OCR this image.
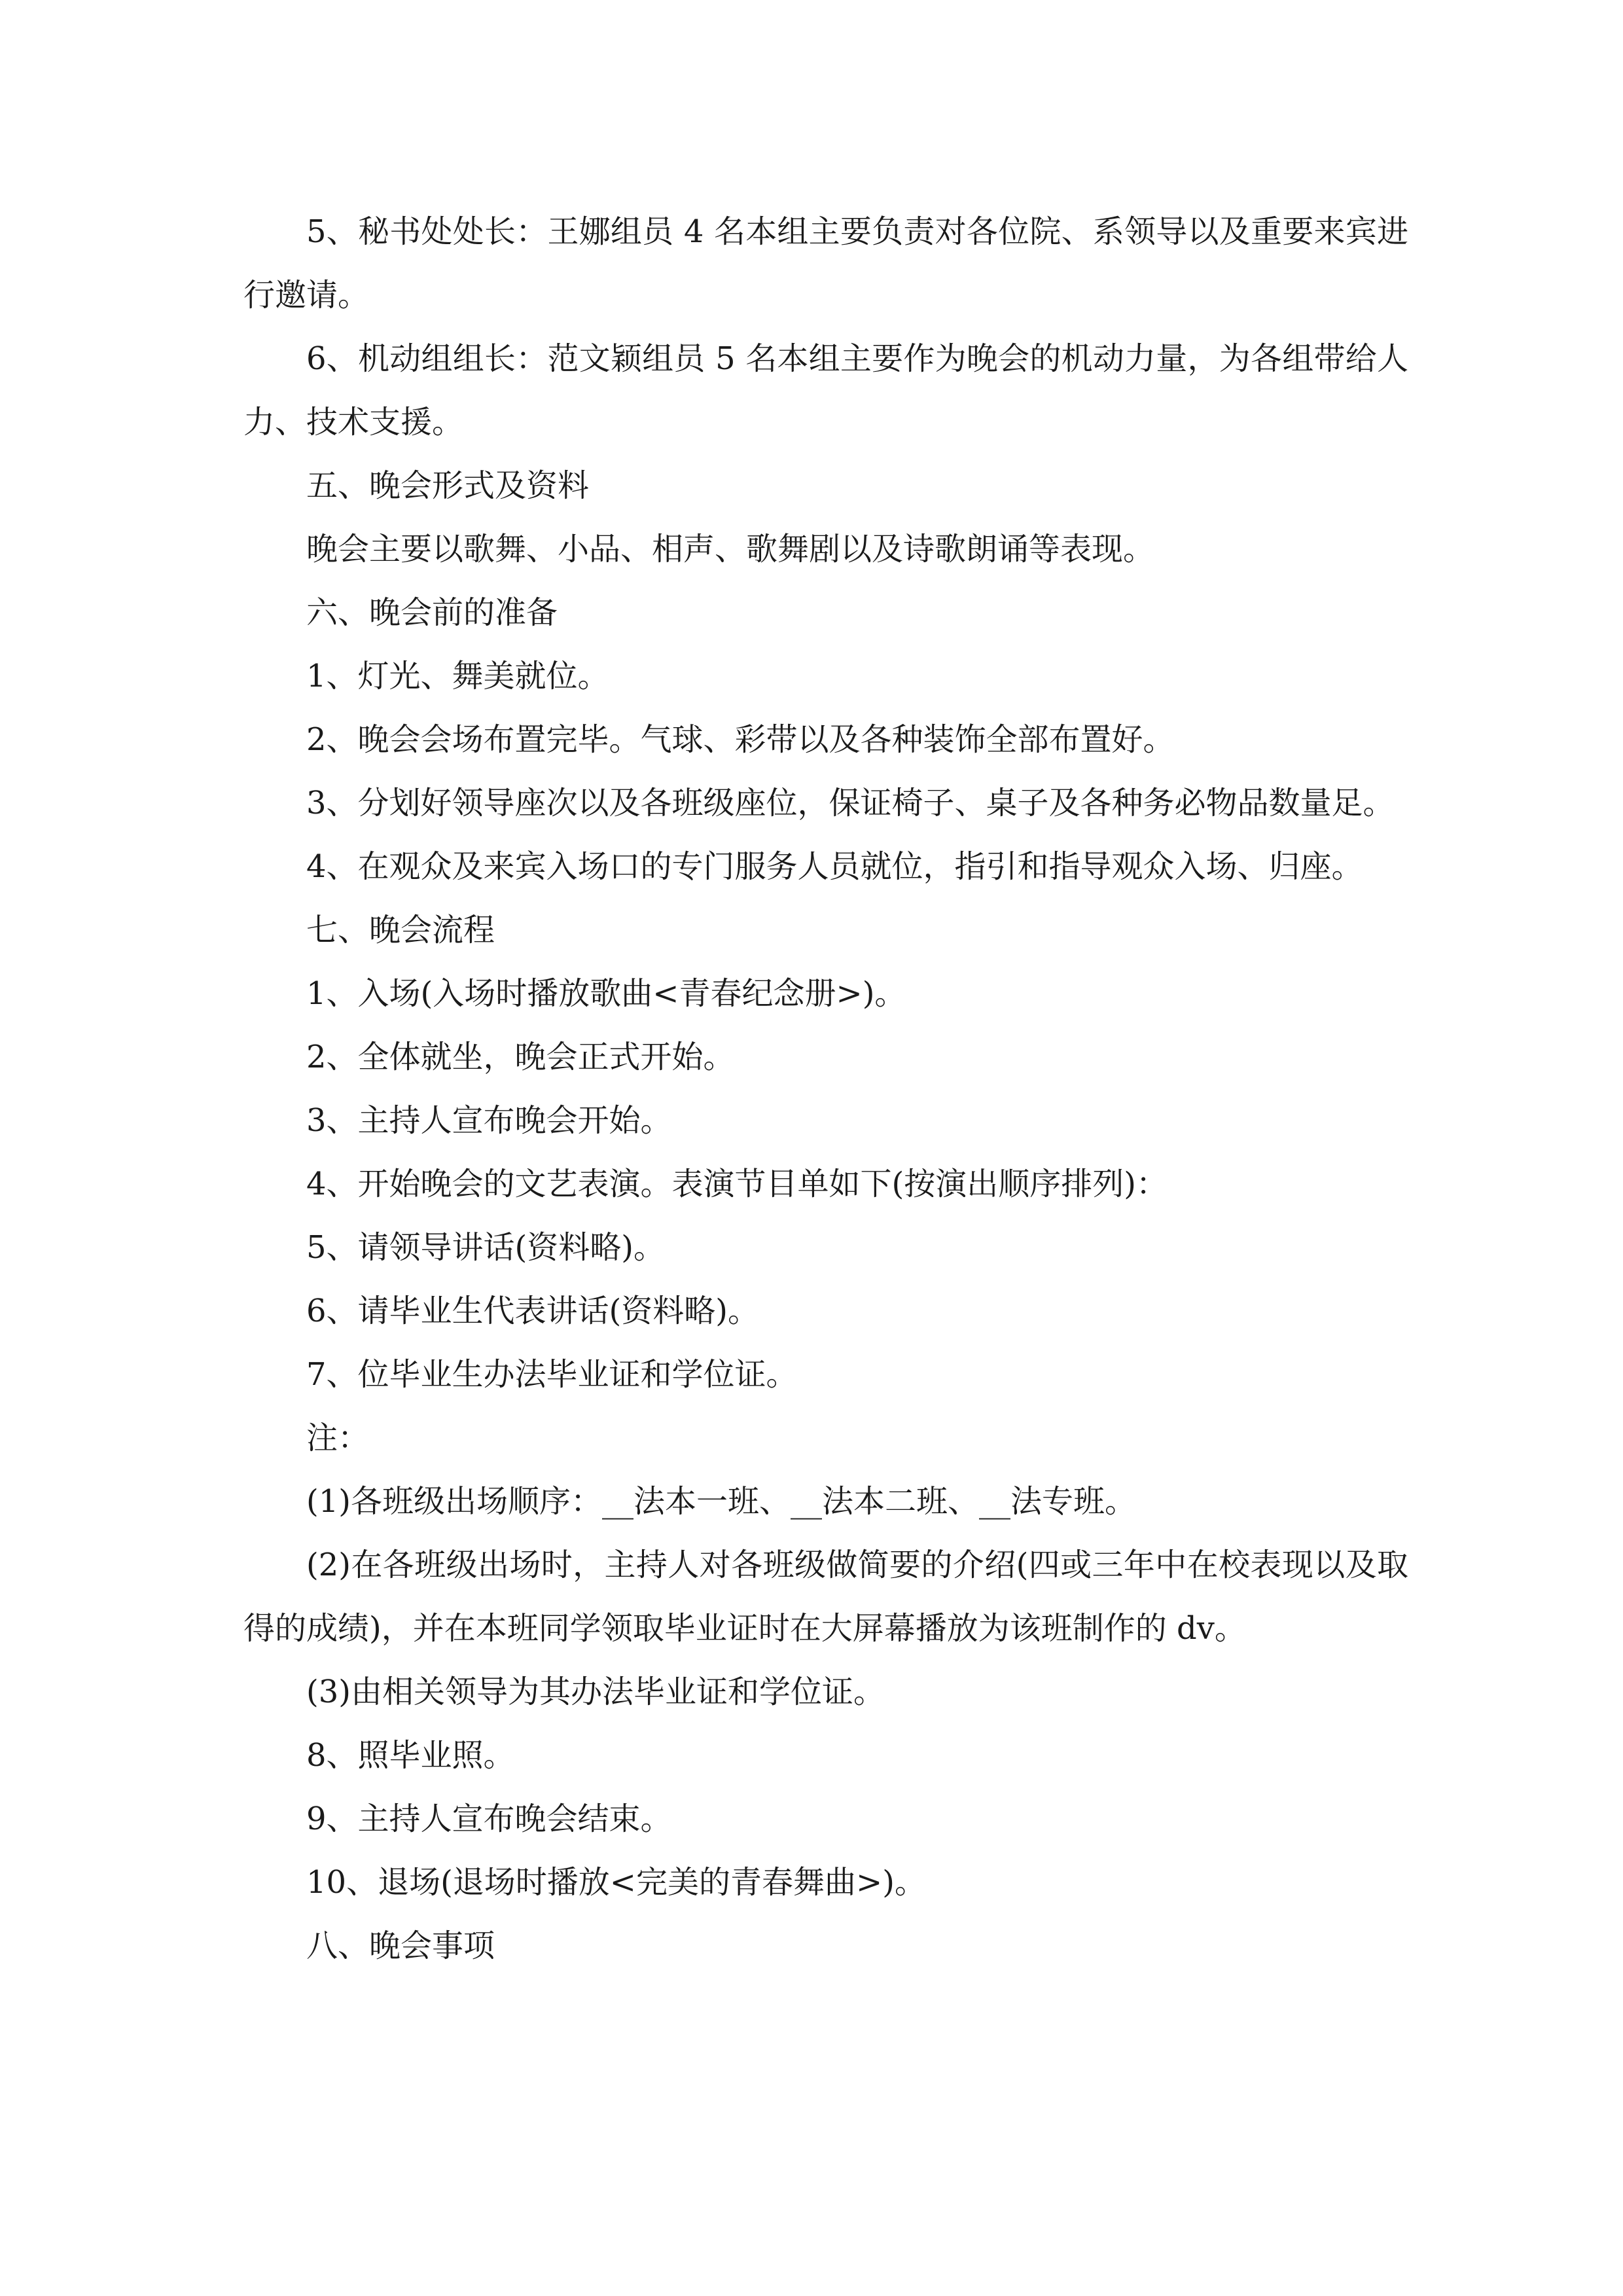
5、秘书处处长：王娜组员 4 名本组主要负责对各位院、系领导以及重要来宾进行邀请。

6、机动组组长：范文颖组员 5 名本组主要作为晚会的机动力量，为各组带给人力、技术支援。

五、晚会形式及资料

晚会主要以歌舞、小品、相声、歌舞剧以及诗歌朗诵等表现。

六、晚会前的准备

1、灯光、舞美就位。

2、晚会会场布置完毕。气球、彩带以及各种装饰全部布置好。

3、分划好领导座次以及各班级座位，保证椅子、桌子及各种务必物品数量足。

4、在观众及来宾入场口的专门服务人员就位，指引和指导观众入场、归座。

七、晚会流程

1、入场(入场时播放歌曲<青春纪念册>)。

2、全体就坐，晚会正式开始。

3、主持人宣布晚会开始。

4、开始晚会的文艺表演。表演节目单如下(按演出顺序排列)：

5、请领导讲话(资料略)。

6、请毕业生代表讲话(资料略)。

7、位毕业生办法毕业证和学位证。

注：

(1)各班级出场顺序：__法本一班、__法本二班、__法专班。

(2)在各班级出场时，主持人对各班级做简要的介绍(四或三年中在校表现以及取得的成绩)，并在本班同学领取毕业证时在大屏幕播放为该班制作的 dv。

(3)由相关领导为其办法毕业证和学位证。

8、照毕业照。

9、主持人宣布晚会结束。

10、退场(退场时播放<完美的青春舞曲>)。

八、晚会事项
